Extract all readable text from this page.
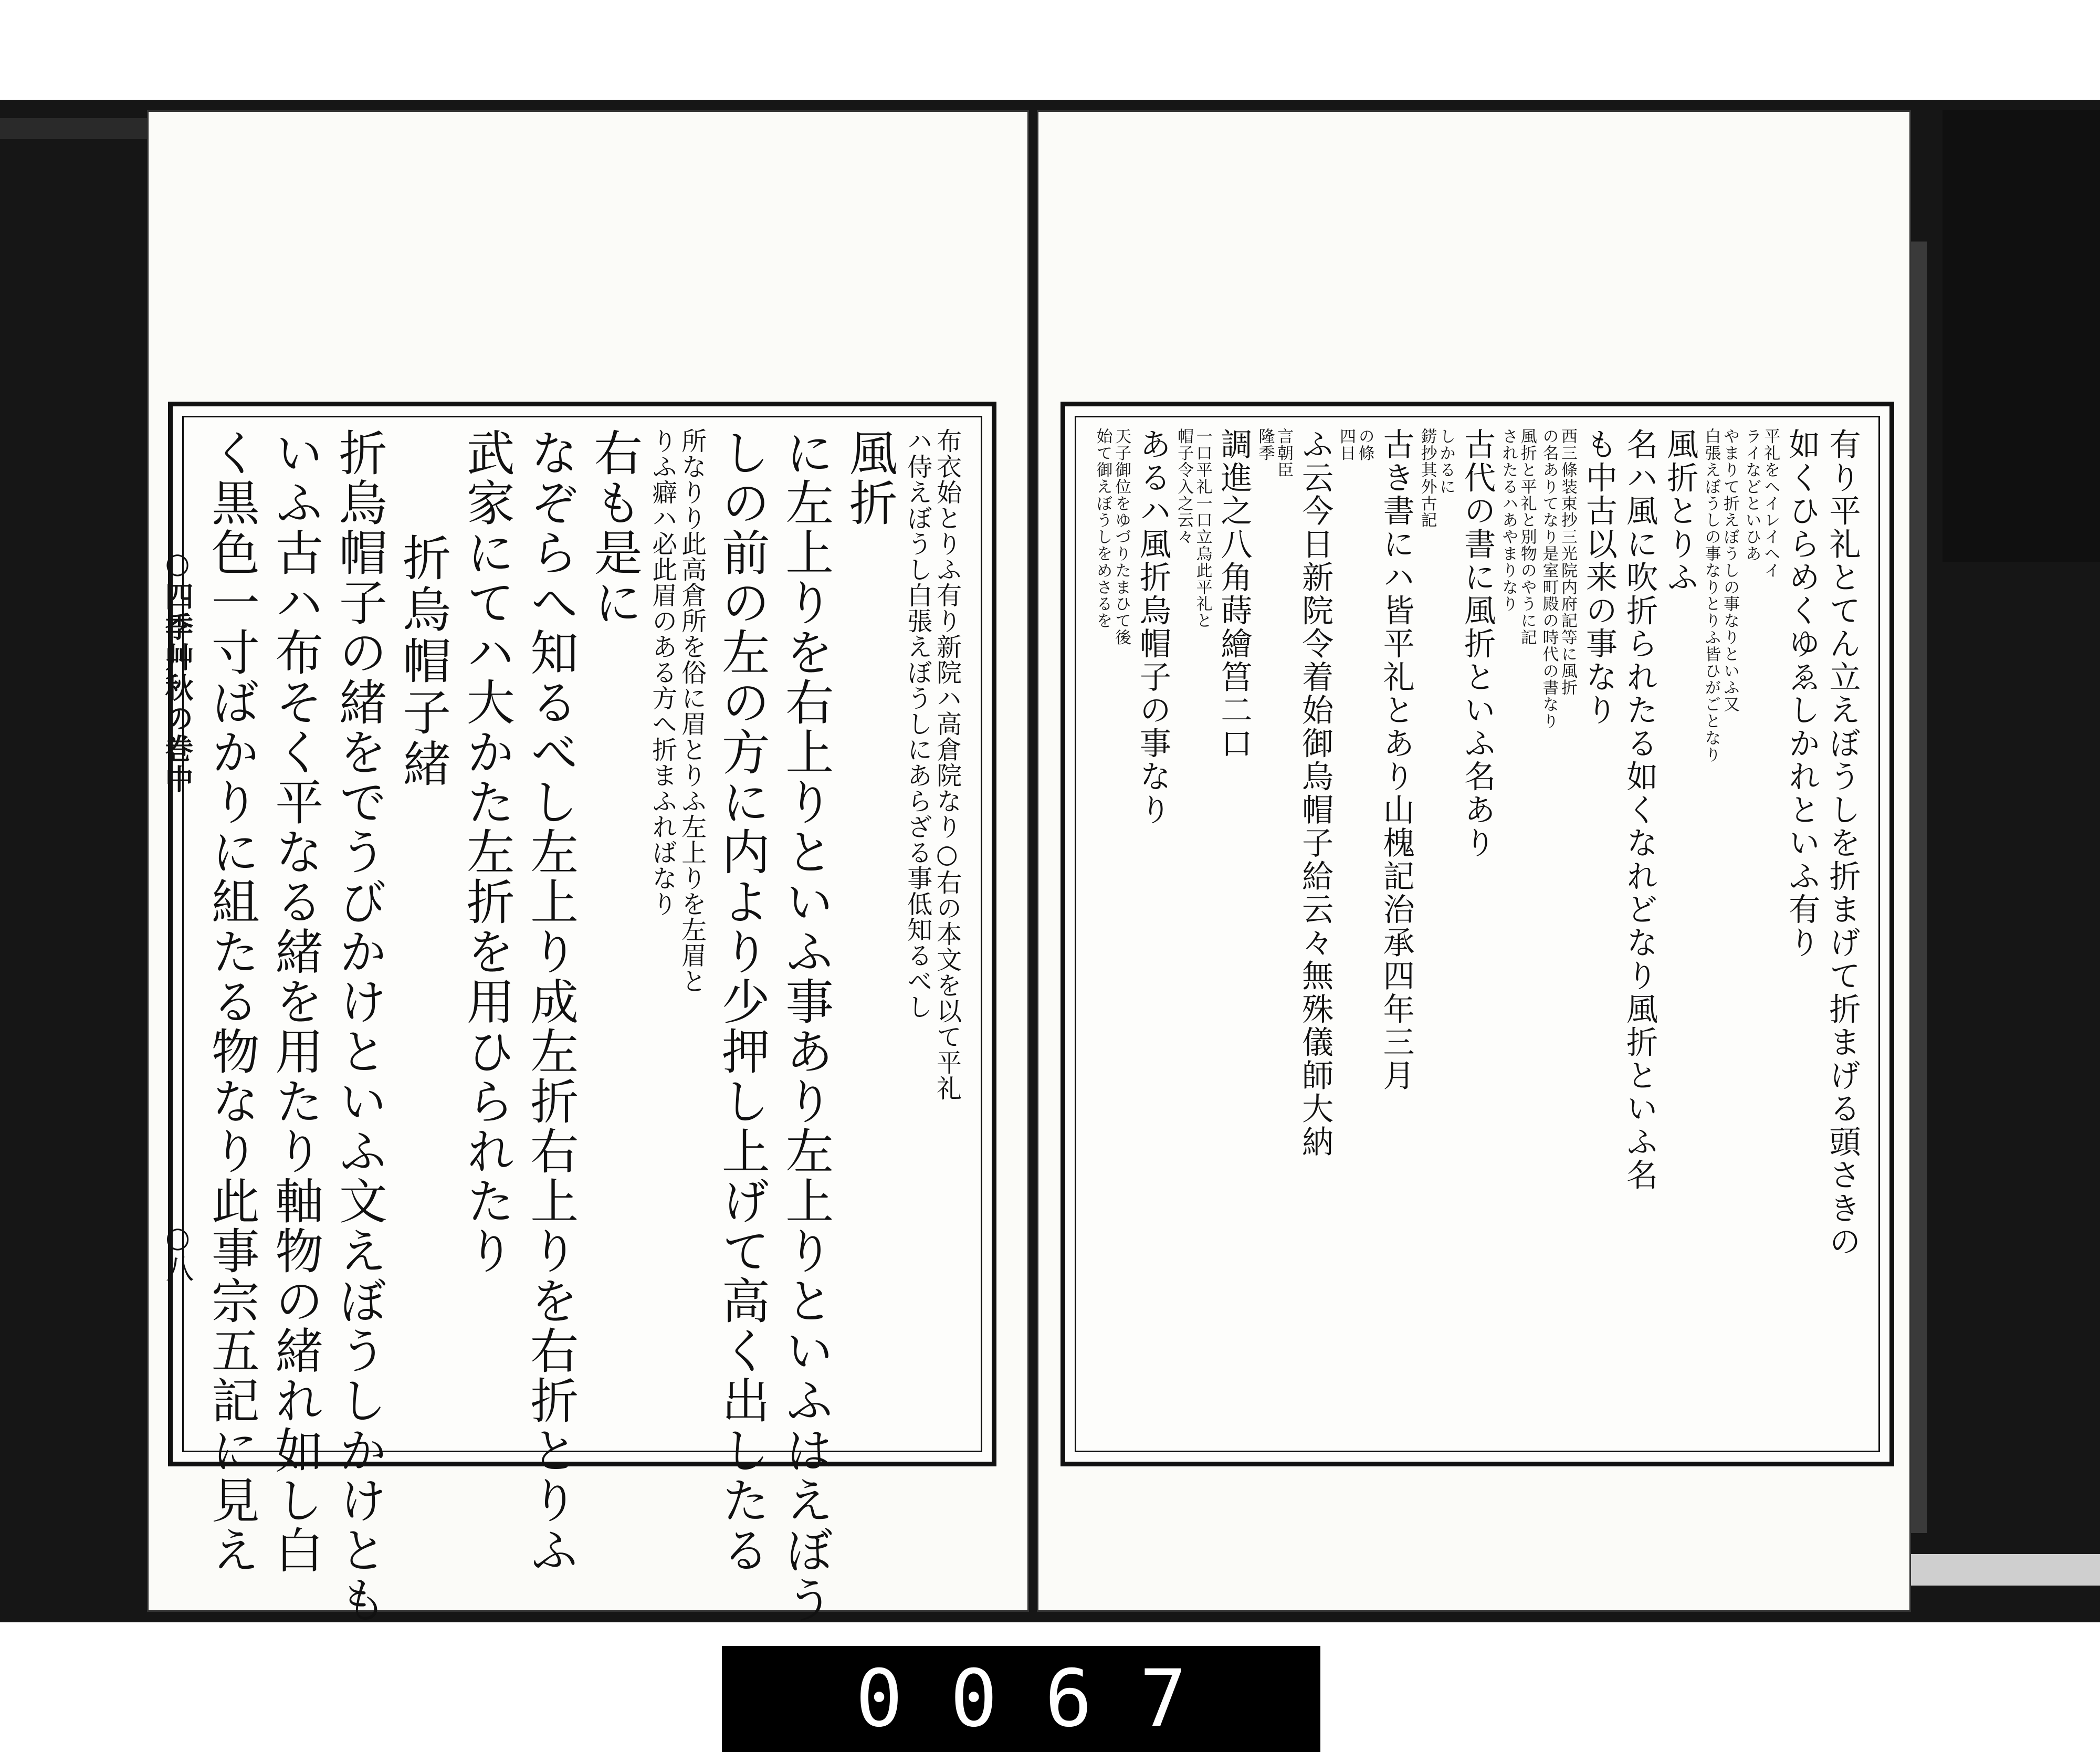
布衣始とりふ有り新院ハ高倉院なり○右の本文を以て平礼
ハ侍えぼうし白張えぼうしにあらざる事低知るべし
風折
に左上りを右上りといふ事あり左上りといふはえぼう
しの前の左の方に内より少押し上げて高く出したる
所なりり此高倉所を俗に眉とりふ左上りを左眉と
りふ癖ハ必此眉のある方へ折まふればなり
右も是に
なぞらへ知るべし左上り成左折右上りを右折とりふ
武家にてハ大かた左折を用ひられたり
折烏帽子緒
折烏帽子の緒をでうびかけといふ文えぼうしかけとも
いふ古ハ布そく平なる緒を用たり軸物の緒れ如し白
く黒色一寸ばかりに組たる物なり此事宗五記に見え
○四季艸秋の巻中
○八	有り平礼とてん立えぼうしを折まげて折まげる頭さきの
如くひらめくゆゑしかれといふ有り
平礼をヘイレイヘイ
ライなどといひあ
やまりて折えぼうしの事なりといふ又
白張えぼうしの事なりとりふ皆ひがごとなり
風折とりふ
名ハ風に吹折られたる如くなれどなり風折といふ名
も中古以来の事なり
西三條装束抄三光院内府記等に風折
の名ありてなり是室町殿の時代の書なり
風折と平礼と別物のやうに記
されたるハあやまりなり
古代の書に風折といふ名あり
しかるに
錺抄其外古記
古き書にハ皆平礼とあり山槐記治承四年三月
の條
四日
ふ云今日新院令着始御烏帽子給云々無殊儀師大納
言朝臣
隆季
調進之八角蒔繪筥二口
一口平礼一口立烏此平礼と
帽子令入之云々
あるハ風折烏帽子の事なり
天子御位をゆづりたまひて後
始て御えぼうしをめさるを
0067
